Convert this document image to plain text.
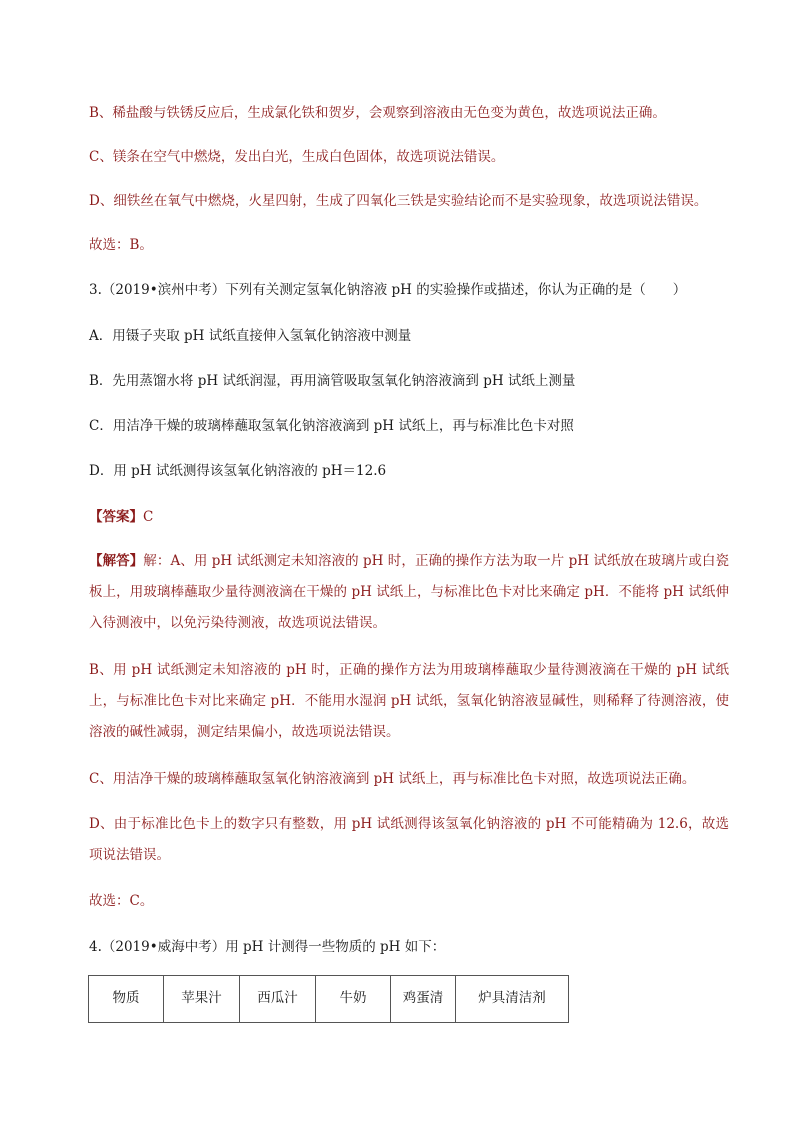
B、稀盐酸与铁锈反应后，生成氯化铁和贺岁，会观察到溶液由无色变为黄色，故选项说法正确。
C、镁条在空气中燃烧，发出白光，生成白色固体，故选项说法错误。
D、细铁丝在氧气中燃烧，火星四射，生成了四氧化三铁是实验结论而不是实验现象，故选项说法错误。
故选：B。
3.（2019•滨州中考）下列有关测定氢氧化钠溶液 pH 的实验操作或描述，你认为正确的是（　　）
A．用镊子夹取 pH 试纸直接伸入氢氧化钠溶液中测量
B．先用蒸馏水将 pH 试纸润湿，再用滴管吸取氢氧化钠溶液滴到 pH 试纸上测量
C．用洁净干燥的玻璃棒蘸取氢氧化钠溶液滴到 pH 试纸上，再与标准比色卡对照
D．用 pH 试纸测得该氢氧化钠溶液的 pH＝12.6
【答案】C
【解答】解：A、用 pH 试纸测定未知溶液的 pH 时，正确的操作方法为取一片 pH 试纸放在玻璃片或白瓷板上，用玻璃棒蘸取少量待测液滴在干燥的 pH 试纸上，与标准比色卡对比来确定 pH．不能将 pH 试纸伸入待测液中，以免污染待测液，故选项说法错误。
B、用 pH 试纸测定未知溶液的 pH 时，正确的操作方法为用玻璃棒蘸取少量待测液滴在干燥的 pH 试纸上，与标准比色卡对比来确定 pH．不能用水湿润 pH 试纸，氢氧化钠溶液显碱性，则稀释了待测溶液，使溶液的碱性减弱，测定结果偏小，故选项说法错误。
C、用洁净干燥的玻璃棒蘸取氢氧化钠溶液滴到 pH 试纸上，再与标准比色卡对照，故选项说法正确。
D、由于标准比色卡上的数字只有整数，用 pH 试纸测得该氢氧化钠溶液的 pH 不可能精确为 12.6，故选项说法错误。
故选：C。
4.（2019•威海中考）用 pH 计测得一些物质的 pH 如下：
物质	苹果汁	西瓜汁	牛奶	鸡蛋清	炉具清洁剂
